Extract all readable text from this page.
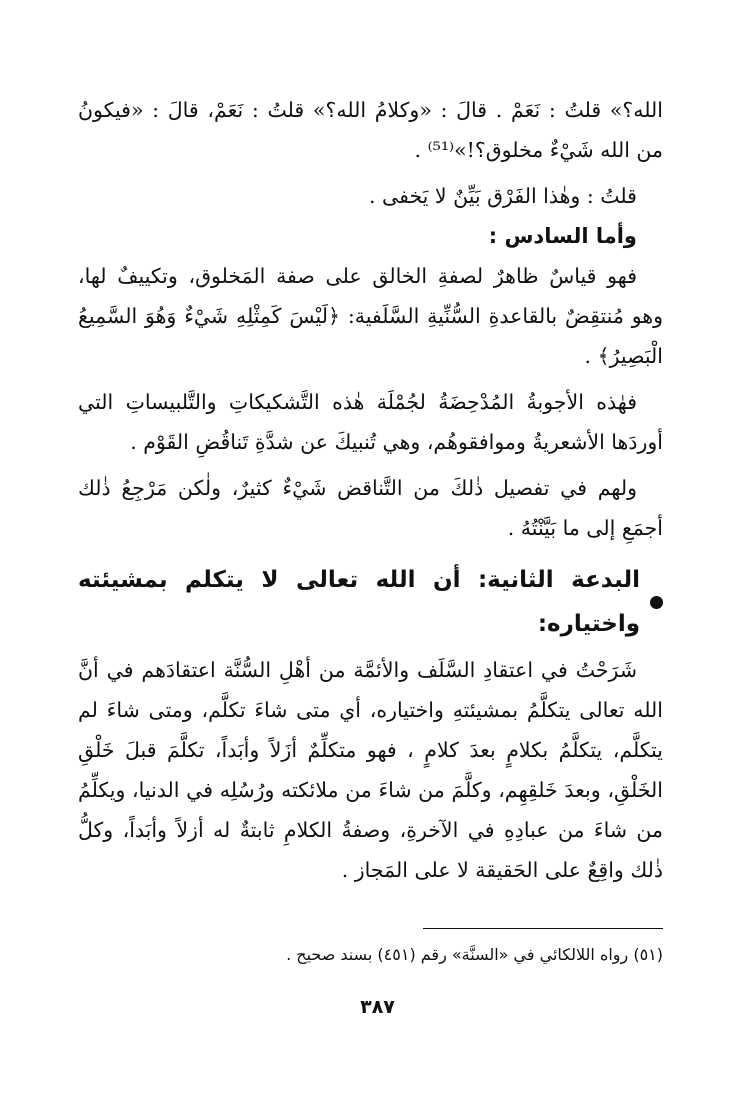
الله؟» قلتُ : نَعَمْ . قالَ : «وكلامُ الله؟» قلتُ : نَعَمْ، قالَ : «فيكونُ من الله شَيْءٌ مخلوق؟!»⁽⁵¹⁾ .

قلتُ : وهٰذا الفَرْق بَيِّنٌ لا يَخفى .

وأما السادس :

فهو قياسٌ ظاهرٌ لصفةِ الخالق على صفة المَخلوق، وتكييفٌ لها، وهو مُنتقِضٌ بالقاعدةِ السُّنِّيةِ السَّلَفية: ﴿لَيْسَ كَمِثْلِهِ شَيْءٌ وَهُوَ السَّمِيعُ الْبَصِيرُ﴾ .

فهٰذه الأجوبةُ المُدْحِضَةُ لجُمْلَة هٰذه التَّشكيكاتِ والتَّلبيساتِ التي أوردَها الأشعريةُ وموافقوهُم، وهي تُنبيكَ عن شدَّةِ تَناقُضِ القَوْم .

ولهم في تفصيل ذٰلكَ من التَّناقض شَيْءٌ كثيرٌ، ولٰكن مَرْجِعُ ذٰلك أجمَعِ إلى ما بَيَّنْتُهُ .

البدعة الثانية: أن الله تعالى لا يتكلم بمشيئته واختياره:

شَرَحْتُ في اعتقادِ السَّلَف والأئمَّة من أهْلِ السُّنَّة اعتقادَهم في أنَّ الله تعالى يتكلَّمُ بمشيئتهِ واختياره، أي متى شاءَ تكلَّم، ومتى شاءَ لم يتكلَّم، يتكلَّمُ بكلامٍ بعدَ كلامٍ ، فهو متكلِّمٌ أزَلاً وأبَداً، تكلَّمَ قبلَ خَلْقِ الخَلْقِ، وبعدَ خَلقِهِم، وكلَّمَ من شاءَ من ملائكته ورُسُلِه في الدنيا، ويكلِّمُ من شاءَ من عبادِهِ في الآخرةِ، وصفةُ الكلامِ ثابتةٌ له أزلاً وأبَداً، وكلُّ ذٰلك واقِعٌ على الحَقيقة لا على المَجاز .

(٥١) رواه اللالكائي في «السنَّة» رقم (٤٥١) بسند صحيح .

٣٨٧
